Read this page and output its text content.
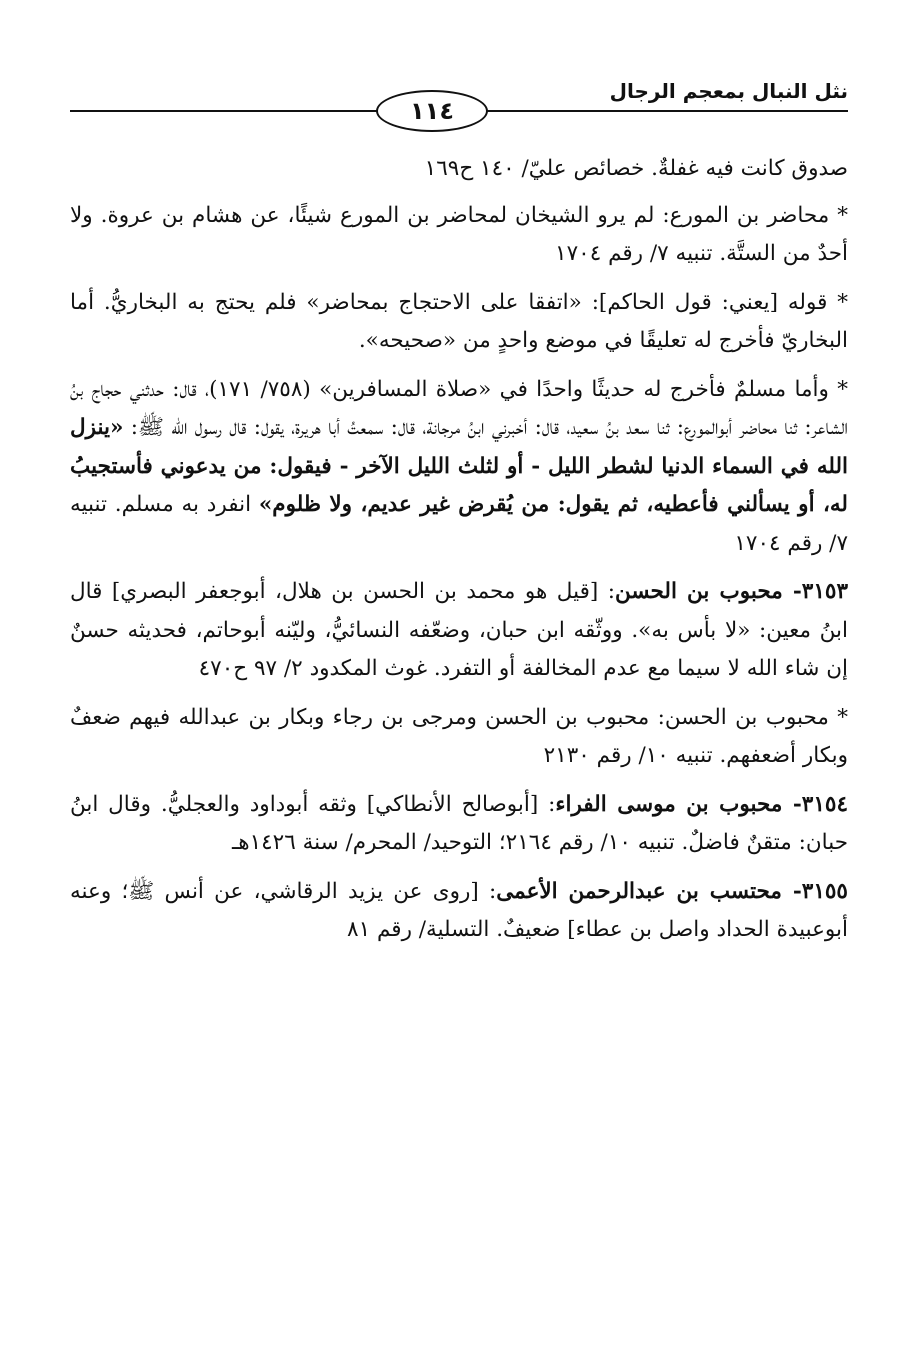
نثل النبال بمعجم الرجال
١١٤

صدوق كانت فيه غفلةٌ. خصائص عليّ/ ١٤٠ ح١٦٩

* محاضر بن المورع: لم يرو الشيخان لمحاضر بن المورع شيئًا، عن هشام بن عروة. ولا أحدٌ من الستَّة. تنبيه ٧/ رقم ١٧٠٤

* قوله [يعني: قول الحاكم]: «اتفقا على الاحتجاج بمحاضر» فلم يحتج به البخاريُّ. أما البخاريّ فأخرج له تعليقًا في موضع واحدٍ من «صحيحه».

* وأما مسلمٌ فأخرج له حديثًا واحدًا في «صلاة المسافرين» (٧٥٨/ ١٧١)، قال: حدثني حجاج بنُ الشاعر: ثنا محاضر أبوالمورع: ثنا سعد بنُ سعيد، قال: أخبرني ابنُ مرجانة، قال: سمعتُ أبا هريرة، يقول: قال رسول الله ﷺ: «ينزل الله في السماء الدنيا لشطر الليل - أو لثلث الليل الآخر - فيقول: من يدعوني فأستجيبُ له، أو يسألني فأعطيه، ثم يقول: من يُقرض غير عديم، ولا ظلوم» انفرد به مسلم. تنبيه ٧/ رقم ١٧٠٤

٣١٥٣- محبوب بن الحسن: [قيل هو محمد بن الحسن بن هلال، أبوجعفر البصري] قال ابنُ معين: «لا بأس به». ووثّقه ابن حبان، وضعّفه النسائيُّ، وليّنه أبوحاتم، فحديثه حسنٌ إن شاء الله لا سيما مع عدم المخالفة أو التفرد. غوث المكدود ٢/ ٩٧ ح٤٧٠

* محبوب بن الحسن: محبوب بن الحسن ومرجى بن رجاء وبكار بن عبدالله فيهم ضعفٌ وبكار أضعفهم. تنبيه ١٠/ رقم ٢١٣٠

٣١٥٤- محبوب بن موسى الفراء: [أبوصالح الأنطاكي] وثقه أبوداود والعجليُّ. وقال ابنُ حبان: متقنٌ فاضلٌ. تنبيه ١٠/ رقم ٢١٦٤؛ التوحيد/ المحرم/ سنة ١٤٢٦هـ

٣١٥٥- محتسب بن عبدالرحمن الأعمى: [روى عن يزيد الرقاشي، عن أنس ﷺ؛ وعنه أبوعبيدة الحداد واصل بن عطاء] ضعيفٌ. التسلية/ رقم ٨١
